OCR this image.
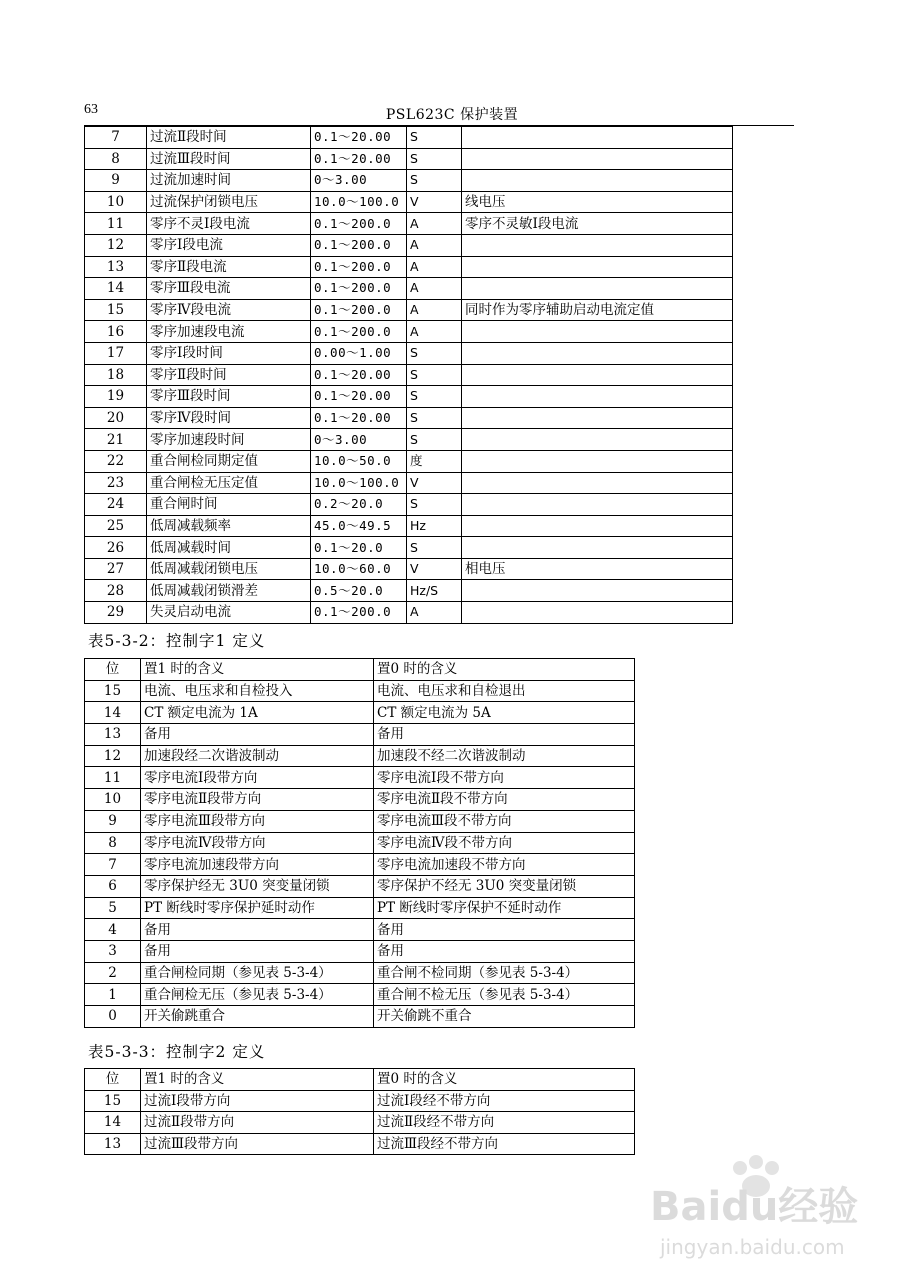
63	PSL623C 保护装置
7	过流Ⅱ段时间	0.1～20.00	S	
8	过流Ⅲ段时间	0.1～20.00	S	
9	过流加速时间	0～3.00	S	
10	过流保护闭锁电压	10.0～100.0	V	线电压
11	零序不灵Ⅰ段电流	0.1～200.0	A	零序不灵敏Ⅰ段电流
12	零序Ⅰ段电流	0.1～200.0	A	
13	零序Ⅱ段电流	0.1～200.0	A	
14	零序Ⅲ段电流	0.1～200.0	A	
15	零序Ⅳ段电流	0.1～200.0	A	同时作为零序辅助启动电流定值
16	零序加速段电流	0.1～200.0	A	
17	零序Ⅰ段时间	0.00～1.00	S	
18	零序Ⅱ段时间	0.1～20.00	S	
19	零序Ⅲ段时间	0.1～20.00	S	
20	零序Ⅳ段时间	0.1～20.00	S	
21	零序加速段时间	0～3.00	S	
22	重合闸检同期定值	10.0～50.0	度	
23	重合闸检无压定值	10.0～100.0	V	
24	重合闸时间	0.2～20.0	S	
25	低周减载频率	45.0～49.5	Hz	
26	低周减载时间	0.1～20.0	S	
27	低周减载闭锁电压	10.0～60.0	V	相电压
28	低周减载闭锁滑差	0.5～20.0	Hz/S	
29	失灵启动电流	0.1～200.0	A	
表5-3-2：控制字1 定义
位	置1 时的含义	置0 时的含义
15	电流、电压求和自检投入	电流、电压求和自检退出
14	CT 额定电流为 1A	CT 额定电流为 5A
13	备用	备用
12	加速段经二次谐波制动	加速段不经二次谐波制动
11	零序电流Ⅰ段带方向	零序电流Ⅰ段不带方向
10	零序电流Ⅱ段带方向	零序电流Ⅱ段不带方向
9	零序电流Ⅲ段带方向	零序电流Ⅲ段不带方向
8	零序电流Ⅳ段带方向	零序电流Ⅳ段不带方向
7	零序电流加速段带方向	零序电流加速段不带方向
6	零序保护经无 3U0 突变量闭锁	零序保护不经无 3U0 突变量闭锁
5	PT 断线时零序保护延时动作	PT 断线时零序保护不延时动作
4	备用	备用
3	备用	备用
2	重合闸检同期（参见表 5-3-4）	重合闸不检同期（参见表 5-3-4）
1	重合闸检无压（参见表 5-3-4）	重合闸不检无压（参见表 5-3-4）
0	开关偷跳重合	开关偷跳不重合
表5-3-3：控制字2 定义
位	置1 时的含义	置0 时的含义
15	过流Ⅰ段带方向	过流Ⅰ段经不带方向
14	过流Ⅱ段带方向	过流Ⅱ段经不带方向
13	过流Ⅲ段带方向	过流Ⅲ段经不带方向
Baidu经验
jingyan.baidu.com
